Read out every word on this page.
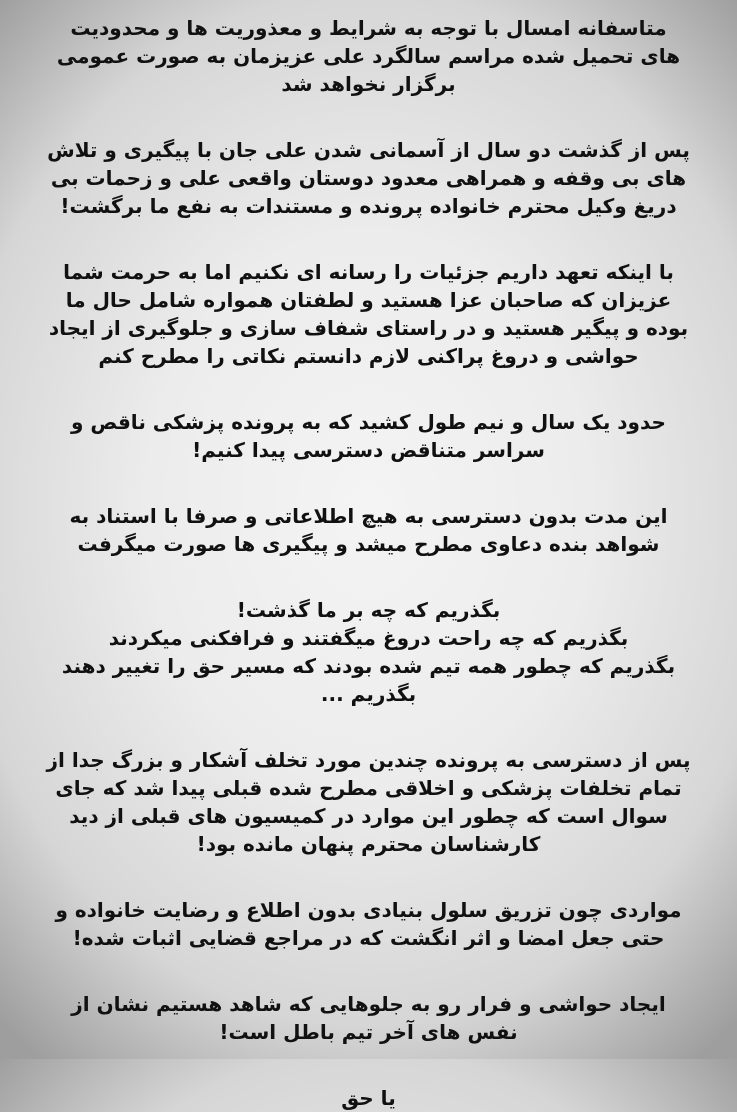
متاسفانه امسال با توجه به شرایط و معذوریت ها و محدودیت
های تحمیل شده مراسم سالگرد علی عزیزمان به صورت عمومی
برگزار نخواهد شد
پس از گذشت دو سال از آسمانی شدن علی جان با پیگیری و تلاش
های بی وقفه و همراهی معدود دوستان واقعی علی و زحمات بی
دریغ وکیل محترم خانواده پرونده و مستندات به نفع ما برگشت!
با اینکه تعهد داریم جزئیات را رسانه ای نکنیم اما به حرمت شما
عزیزان که صاحبان عزا هستید و لطفتان همواره شامل حال ما
بوده و پیگیر هستید و در راستای شفاف سازی و جلوگیری از ایجاد
حواشی و دروغ پراکنی لازم دانستم نکاتی را مطرح کنم
حدود یک سال و نیم طول کشید که به پرونده پزشکی ناقص و
سراسر متناقض دسترسی پیدا کنیم!
این مدت بدون دسترسی به هیچ اطلاعاتی و صرفا با استناد به
شواهد بنده دعاوی مطرح میشد و پیگیری ها صورت میگرفت
بگذریم که چه بر ما گذشت!
بگذریم که چه راحت دروغ میگفتند و فرافکنی میکردند
بگذریم که چطور همه تیم شده بودند که مسیر حق را تغییر دهند
بگذریم ...
پس از دسترسی به پرونده چندین مورد تخلف آشکار و بزرگ جدا از
تمام تخلفات پزشکی و اخلاقی مطرح شده قبلی پیدا شد که جای
سوال است که چطور این موارد در کمیسیون های قبلی از دید
کارشناسان محترم پنهان مانده بود!
مواردی چون تزریق سلول بنیادی بدون اطلاع و رضایت خانواده و
حتی جعل امضا و اثر انگشت که در مراجع قضایی اثبات شده!
ایجاد حواشی و فرار رو به جلوهایی که شاهد هستیم نشان از
نفس های آخر تیم باطل است!
یا حق
